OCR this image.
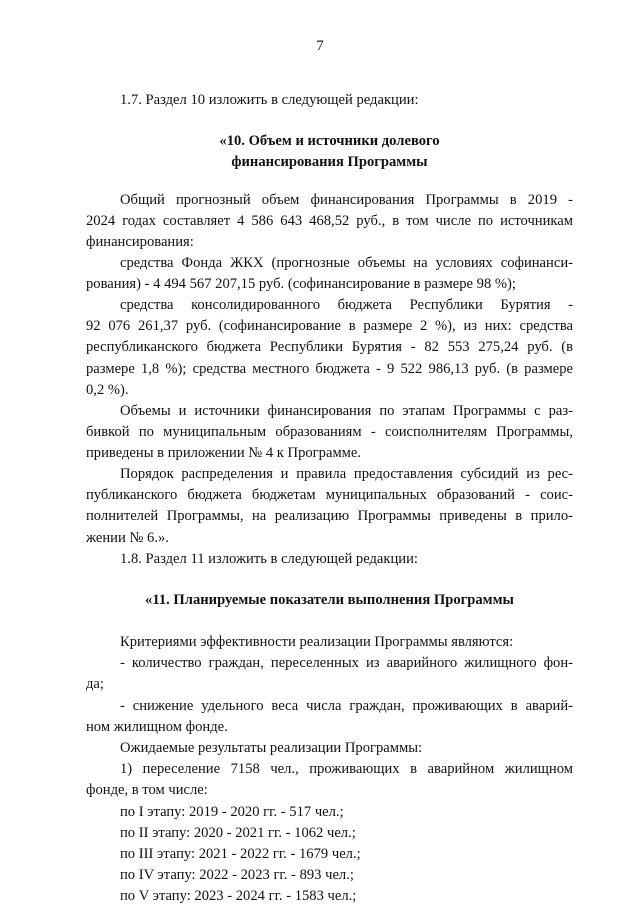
7
1.7. Раздел 10 изложить в следующей редакции:
«10. Объем и источники долевого
финансирования Программы
Общий прогнозный объем финансирования Программы в 2019 -
2024 годах составляет 4 586 643 468,52 руб., в том числе по источникам
финансирования:
средства Фонда ЖКХ (прогнозные объемы на условиях софинанси-
рования) - 4 494 567 207,15 руб. (софинансирование в размере 98 %);
средства консолидированного бюджета Республики Бурятия -
92 076 261,37 руб. (софинансирование в размере 2 %), из них: средства
республиканского бюджета Республики Бурятия - 82 553 275,24 руб. (в
размере 1,8 %); средства местного бюджета - 9 522 986,13 руб. (в размере
0,2 %).
Объемы и источники финансирования по этапам Программы с раз-
бивкой по муниципальным образованиям - соисполнителям Программы,
приведены в приложении № 4 к Программе.
Порядок распределения и правила предоставления субсидий из рес-
публиканского бюджета бюджетам муниципальных образований - соис-
полнителей Программы, на реализацию Программы приведены в прило-
жении № 6.».
1.8. Раздел 11 изложить в следующей редакции:
«11. Планируемые показатели выполнения Программы
Критериями эффективности реализации Программы являются:
- количество граждан, переселенных из аварийного жилищного фон-
да;
- снижение удельного веса числа граждан, проживающих в аварий-
ном жилищном фонде.
Ожидаемые результаты реализации Программы:
1) переселение 7158 чел., проживающих в аварийном жилищном
фонде, в том числе:
по I этапу: 2019 - 2020 гг. - 517 чел.;
по II этапу: 2020 - 2021 гг. - 1062 чел.;
по III этапу: 2021 - 2022 гг. - 1679 чел.;
по IV этапу: 2022 - 2023 гг. - 893 чел.;
по V этапу: 2023 - 2024 гг. - 1583 чел.;
